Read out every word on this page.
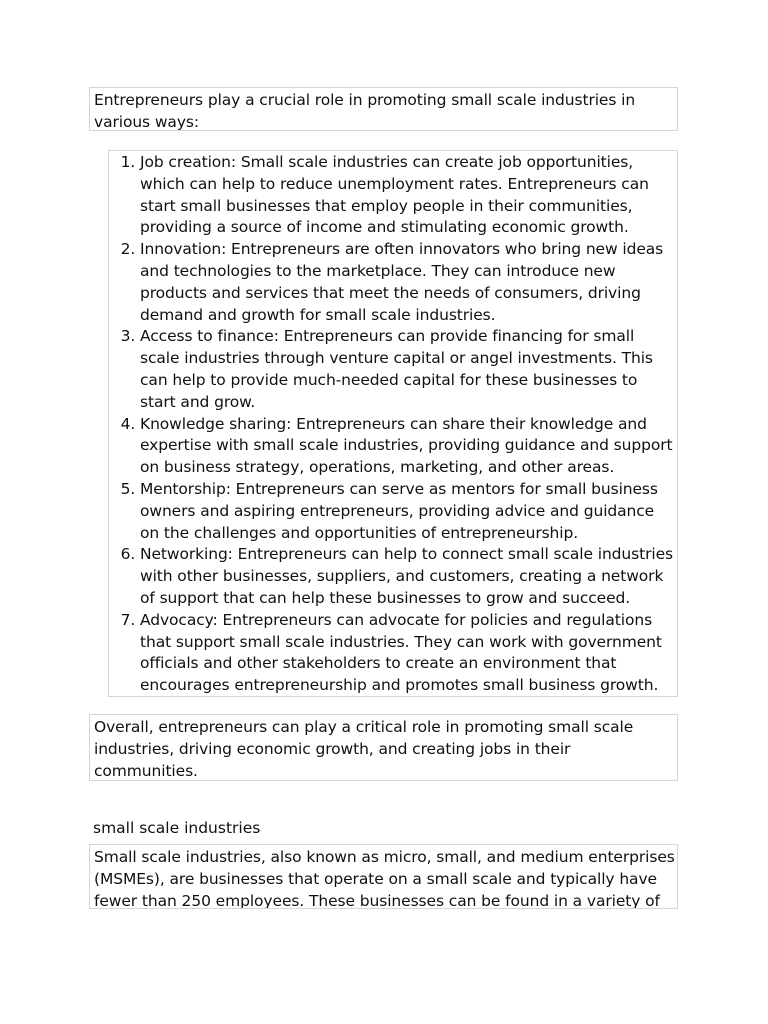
Entrepreneurs play a crucial role in promoting small scale industries in various ways:
1. Job creation: Small scale industries can create job opportunities, which can help to reduce unemployment rates. Entrepreneurs can start small businesses that employ people in their communities, providing a source of income and stimulating economic growth.
2. Innovation: Entrepreneurs are often innovators who bring new ideas and technologies to the marketplace. They can introduce new products and services that meet the needs of consumers, driving demand and growth for small scale industries.
3. Access to finance: Entrepreneurs can provide financing for small scale industries through venture capital or angel investments. This can help to provide much-needed capital for these businesses to start and grow.
4. Knowledge sharing: Entrepreneurs can share their knowledge and expertise with small scale industries, providing guidance and support on business strategy, operations, marketing, and other areas.
5. Mentorship: Entrepreneurs can serve as mentors for small business owners and aspiring entrepreneurs, providing advice and guidance on the challenges and opportunities of entrepreneurship.
6. Networking: Entrepreneurs can help to connect small scale industries with other businesses, suppliers, and customers, creating a network of support that can help these businesses to grow and succeed.
7. Advocacy: Entrepreneurs can advocate for policies and regulations that support small scale industries. They can work with government officials and other stakeholders to create an environment that encourages entrepreneurship and promotes small business growth.
Overall, entrepreneurs can play a critical role in promoting small scale industries, driving economic growth, and creating jobs in their communities.

small scale industries

Small scale industries, also known as micro, small, and medium enterprises (MSMEs), are businesses that operate on a small scale and typically have fewer than 250 employees. These businesses can be found in a variety of
